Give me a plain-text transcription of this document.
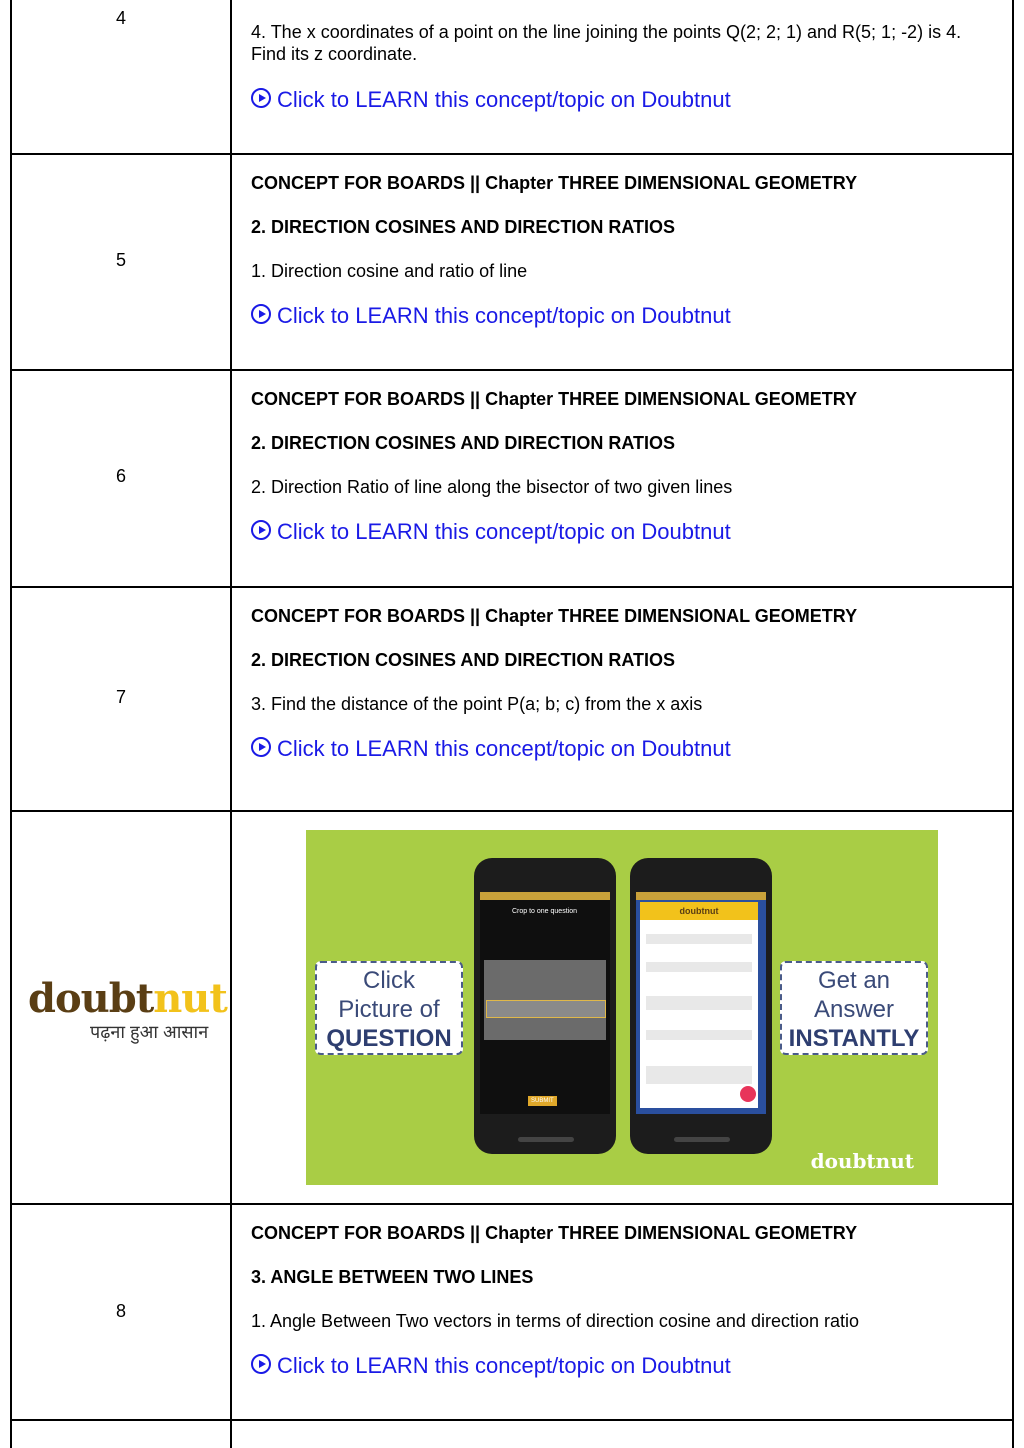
4
4. The x coordinates of a point on the line joining the points Q(2; 2; 1) and R(5; 1; -2) is 4. Find its z coordinate.
Click to LEARN this concept/topic on Doubtnut
5
CONCEPT FOR BOARDS || Chapter THREE DIMENSIONAL GEOMETRY
2. DIRECTION COSINES AND DIRECTION RATIOS
1. Direction cosine and ratio of line
Click to LEARN this concept/topic on Doubtnut
6
CONCEPT FOR BOARDS || Chapter THREE DIMENSIONAL GEOMETRY
2. DIRECTION COSINES AND DIRECTION RATIOS
2. Direction Ratio of line along the bisector of two given lines
Click to LEARN this concept/topic on Doubtnut
7
CONCEPT FOR BOARDS || Chapter THREE DIMENSIONAL GEOMETRY
2. DIRECTION COSINES AND DIRECTION RATIOS
3. Find the distance of the point P(a; b; c) from the x axis
Click to LEARN this concept/topic on Doubtnut
doubtnut
पढ़ना हुआ आसान
Click
Picture of
QUESTION
Get an
Answer
INSTANTLY
Crop to one question
SUBMIT
doubtnut
doubtnut
8
CONCEPT FOR BOARDS || Chapter THREE DIMENSIONAL GEOMETRY
3. ANGLE BETWEEN TWO LINES
1. Angle Between Two vectors in terms of direction cosine and direction ratio
Click to LEARN this concept/topic on Doubtnut
